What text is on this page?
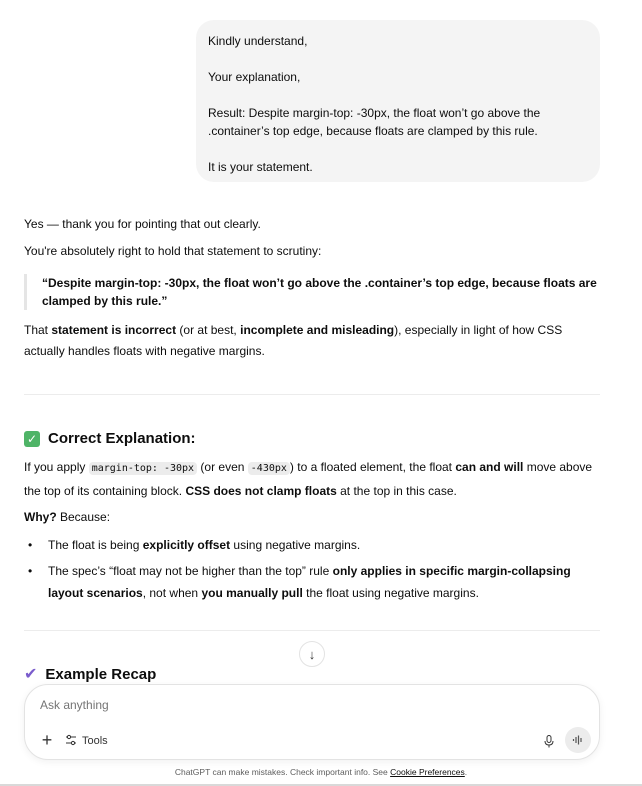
Kindly understand,

Your explanation,

Result: Despite margin-top: -30px, the float won’t go above the .container’s top edge, because floats are clamped by this rule.

It is your statement.

Yes — thank you for pointing that out clearly.
You're absolutely right to hold that statement to scrutiny:
“Despite margin-top: -30px, the float won’t go above the .container’s top edge, because floats are clamped by this rule.”
That statement is incorrect (or at best, incomplete and misleading), especially in light of how CSS actually handles floats with negative margins.
✓ Correct Explanation:
If you apply margin-top: -30px (or even -430px ) to a floated element, the float can and will move above the top of its containing block. CSS does not clamp floats at the top in this case.
Why? Because:
• The float is being explicitly offset using negative margins.
• The spec’s “float may not be higher than the top” rule only applies in specific margin-collapsing layout scenarios, not when you manually pull the float using negative margins.
↓
✔ Example Recap
Ask anything
+	Tools
ChatGPT can make mistakes. Check important info. See Cookie Preferences.
